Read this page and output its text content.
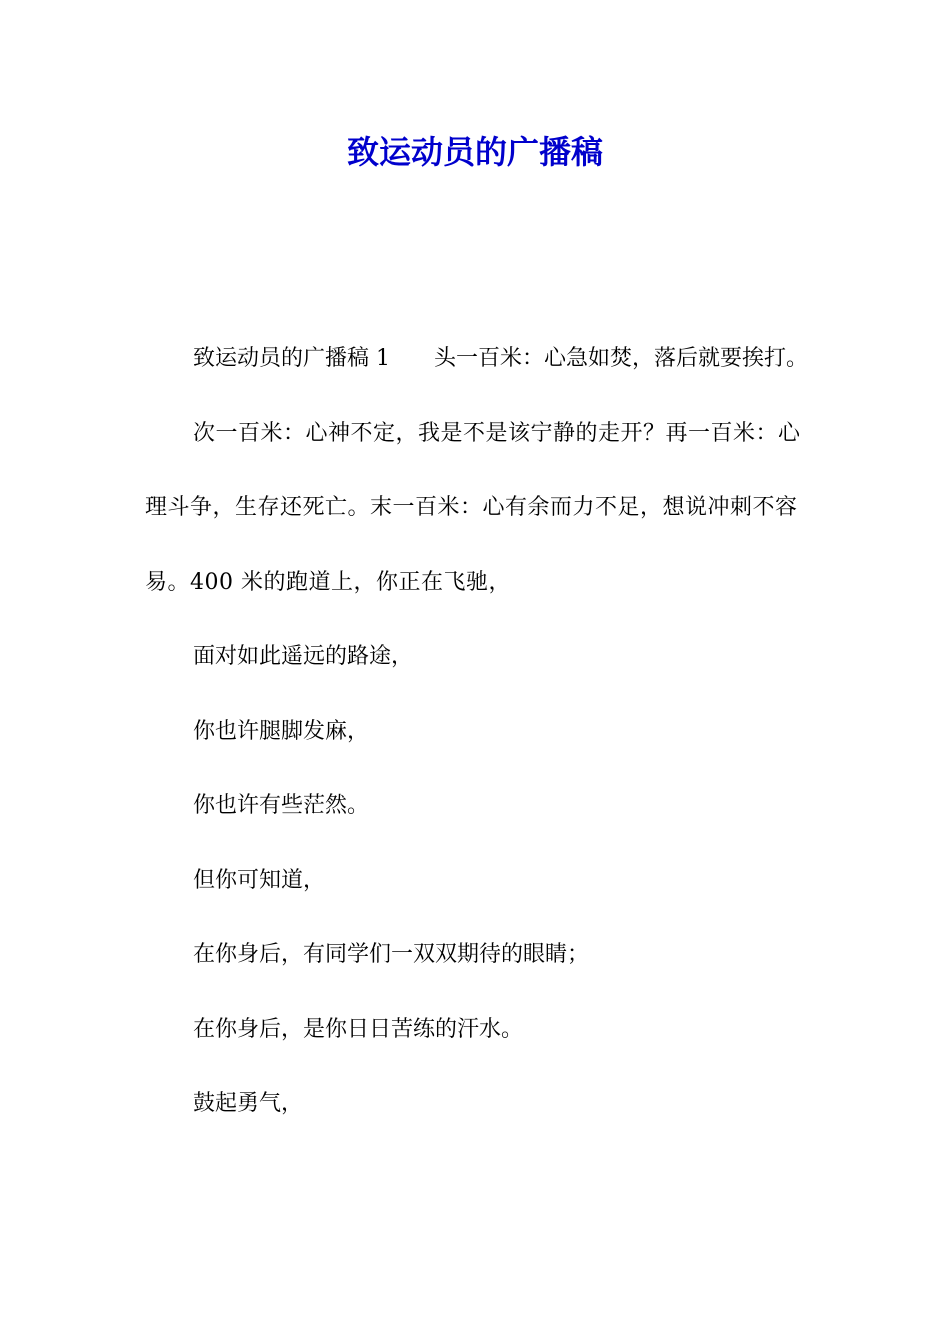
致运动员的广播稿

致运动员的广播稿 1　　头一百米：心急如焚，落后就要挨打。

次一百米：心神不定，我是不是该宁静的走开？再一百米：心理斗争，生存还死亡。末一百米：心有余而力不足，想说冲刺不容易。400 米的跑道上，你正在飞驰，

面对如此遥远的路途，

你也许腿脚发麻，

你也许有些茫然。

但你可知道，

在你身后，有同学们一双双期待的眼睛；

在你身后，是你日日苦练的汗水。

鼓起勇气，
